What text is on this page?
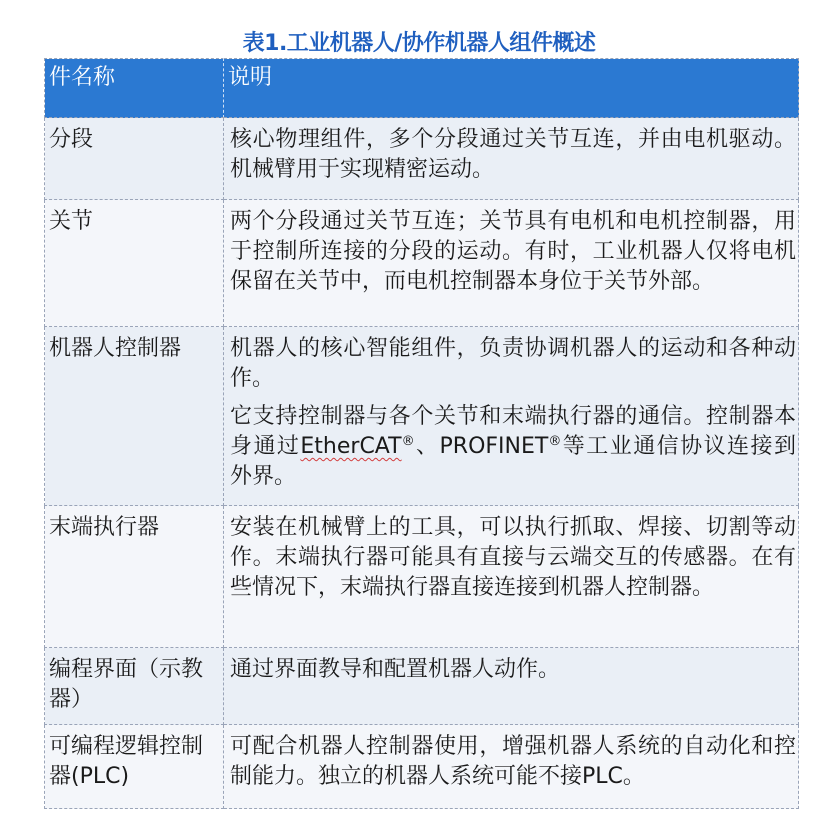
表1.工业机器人/协作机器人组件概述
件名称	说明
分段	核心物理组件，多个分段通过关节互连，并由电机驱动。机械臂用于实现精密运动。
关节	两个分段通过关节互连；关节具有电机和电机控制器，用于控制所连接的分段的运动。有时，工业机器人仅将电机保留在关节中，而电机控制器本身位于关节外部。
机器人控制器	机器人的核心智能组件，负责协调机器人的运动和各种动作。

它支持控制器与各个关节和末端执行器的通信。控制器本身通过EtherCAT®、PROFINET®等工业通信协议连接到外界。

末端执行器	安装在机械臂上的工具，可以执行抓取、焊接、切割等动作。末端执行器可能具有直接与云端交互的传感器。在有些情况下，末端执行器直接连接到机器人控制器。
编程界面（示教器）	通过界面教导和配置机器人动作。
可编程逻辑控制器(PLC)	可配合机器人控制器使用，增强机器人系统的自动化和控制能力。独立的机器人系统可能不接PLC。
